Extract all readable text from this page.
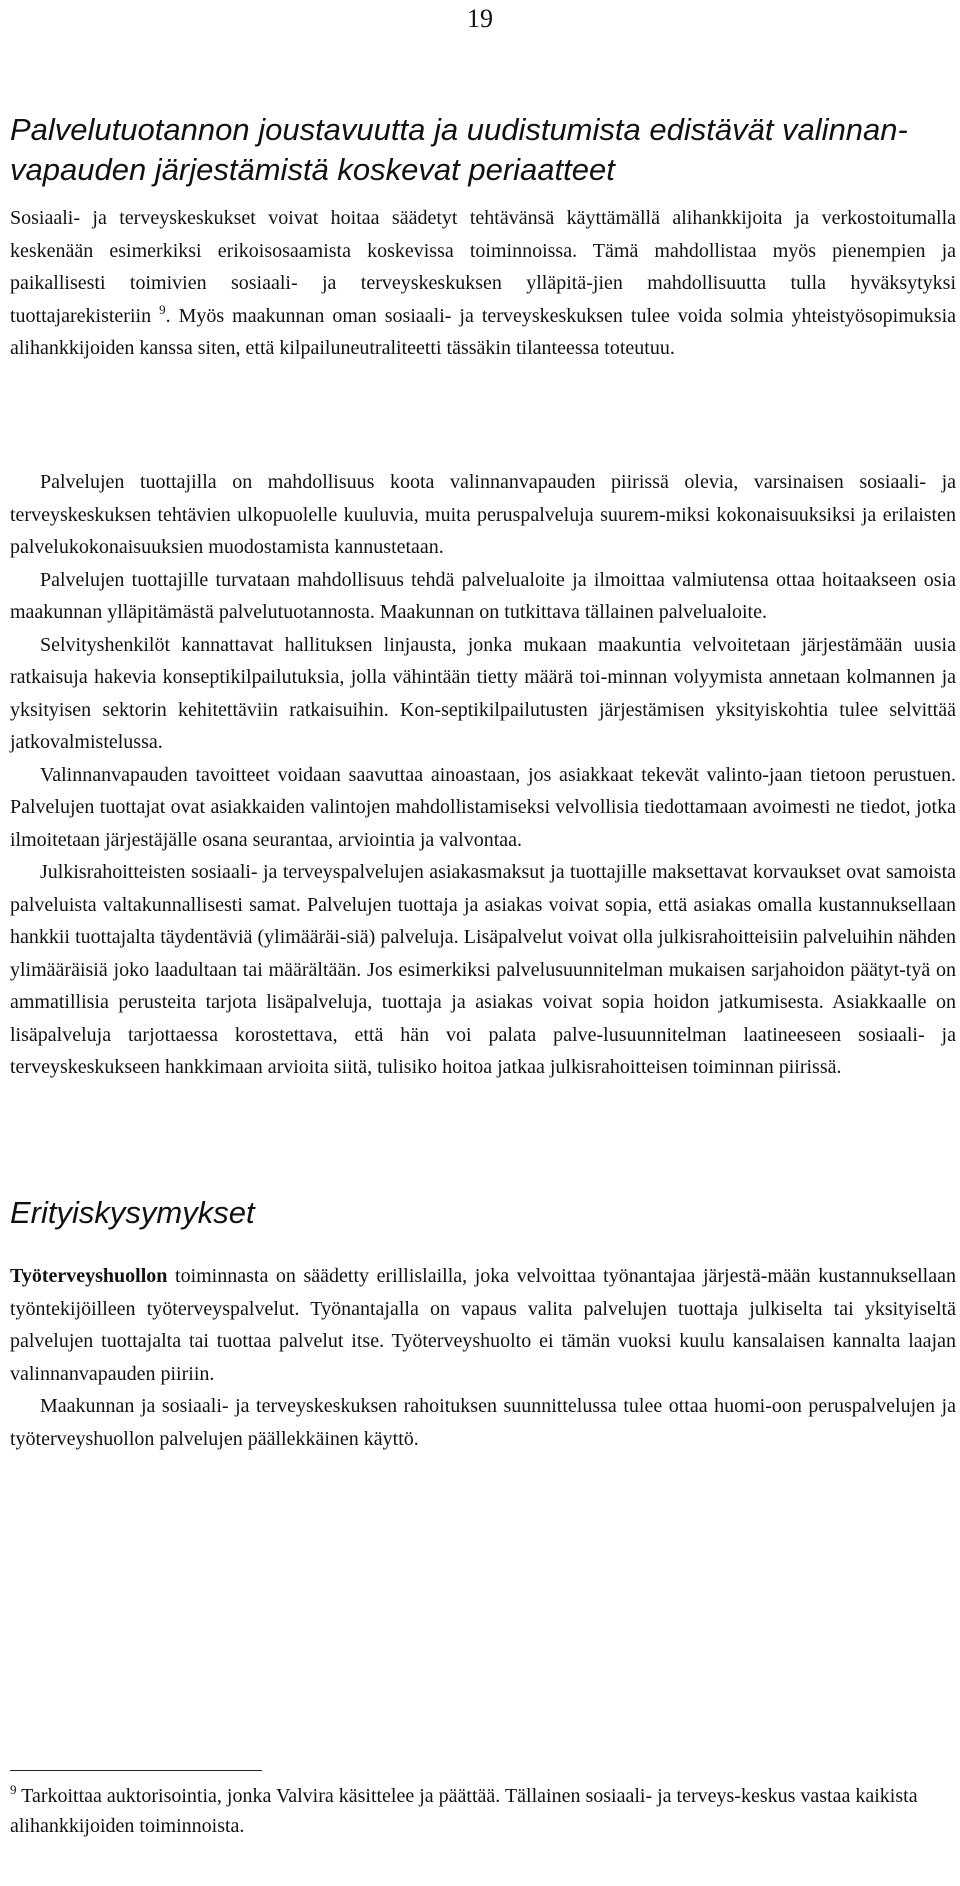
19
Palvelutuotannon joustavuutta ja uudistumista edistävät valinnan-
vapauden järjestämistä koskevat periaatteet

Sosiaali- ja terveyskeskukset voivat hoitaa säädetyt tehtävänsä käyttämällä alihankkijoita ja verkostoitumalla keskenään esimerkiksi erikoisosaamista koskevissa toiminnoissa. Tämä mahdollistaa myös pienempien ja paikallisesti toimivien sosiaali- ja terveyskeskuksen ylläpitä-jien mahdollisuutta tulla hyväksytyksi tuottajarekisteriin $^9$. Myös maakunnan oman sosiaali- ja terveyskeskuksen tulee voida solmia yhteistyösopimuksia alihankkijoiden kanssa siten, että kilpailuneutraliteetti tässäkin tilanteessa toteutuu.

Palvelujen tuottajilla on mahdollisuus koota valinnanvapauden piirissä olevia, varsinaisen sosiaali- ja terveyskeskuksen tehtävien ulkopuolelle kuuluvia, muita peruspalveluja suurem-miksi kokonaisuuksiksi ja erilaisten palvelukokonaisuuksien muodostamista kannustetaan.

Palvelujen tuottajille turvataan mahdollisuus tehdä palvelualoite ja ilmoittaa valmiutensa ottaa hoitaakseen osia maakunnan ylläpitämästä palvelutuotannosta. Maakunnan on tutkittava tällainen palvelualoite.

Selvityshenkilöt kannattavat hallituksen linjausta, jonka mukaan maakuntia velvoitetaan järjestämään uusia ratkaisuja hakevia konseptikilpailutuksia, jolla vähintään tietty määrä toi-minnan volyymista annetaan kolmannen ja yksityisen sektorin kehitettäviin ratkaisuihin. Kon-septikilpailutusten järjestämisen yksityiskohtia tulee selvittää jatkovalmistelussa.

Valinnanvapauden tavoitteet voidaan saavuttaa ainoastaan, jos asiakkaat tekevät valinto-jaan tietoon perustuen. Palvelujen tuottajat ovat asiakkaiden valintojen mahdollistamiseksi velvollisia tiedottamaan avoimesti ne tiedot, jotka ilmoitetaan järjestäjälle osana seurantaa, arviointia ja valvontaa.

Julkisrahoitteisten sosiaali- ja terveyspalvelujen asiakasmaksut ja tuottajille maksettavat korvaukset ovat samoista palveluista valtakunnallisesti samat. Palvelujen tuottaja ja asiakas voivat sopia, että asiakas omalla kustannuksellaan hankkii tuottajalta täydentäviä (ylimääräi-siä) palveluja. Lisäpalvelut voivat olla julkisrahoitteisiin palveluihin nähden ylimääräisiä joko laadultaan tai määrältään. Jos esimerkiksi palvelusuunnitelman mukaisen sarjahoidon päätyt-tyä on ammatillisia perusteita tarjota lisäpalveluja, tuottaja ja asiakas voivat sopia hoidon jatkumisesta. Asiakkaalle on lisäpalveluja tarjottaessa korostettava, että hän voi palata palve-lusuunnitelman laatineeseen sosiaali- ja terveyskeskukseen hankkimaan arvioita siitä, tulisiko hoitoa jatkaa julkisrahoitteisen toiminnan piirissä.

Erityiskysymykset

Työterveyshuollon toiminnasta on säädetty erillislailla, joka velvoittaa työnantajaa järjestä-mään kustannuksellaan työntekijöilleen työterveyspalvelut. Työnantajalla on vapaus valita palvelujen tuottaja julkiselta tai yksityiseltä palvelujen tuottajalta tai tuottaa palvelut itse. Työterveyshuolto ei tämän vuoksi kuulu kansalaisen kannalta laajan valinnanvapauden piiriin.

Maakunnan ja sosiaali- ja terveyskeskuksen rahoituksen suunnittelussa tulee ottaa huomi-oon peruspalvelujen ja työterveyshuollon palvelujen päällekkäinen käyttö.

$^9$ Tarkoittaa auktorisointia, jonka Valvira käsittelee ja päättää. Tällainen sosiaali- ja terveys-keskus vastaa kaikista alihankkijoiden toiminnoista.
